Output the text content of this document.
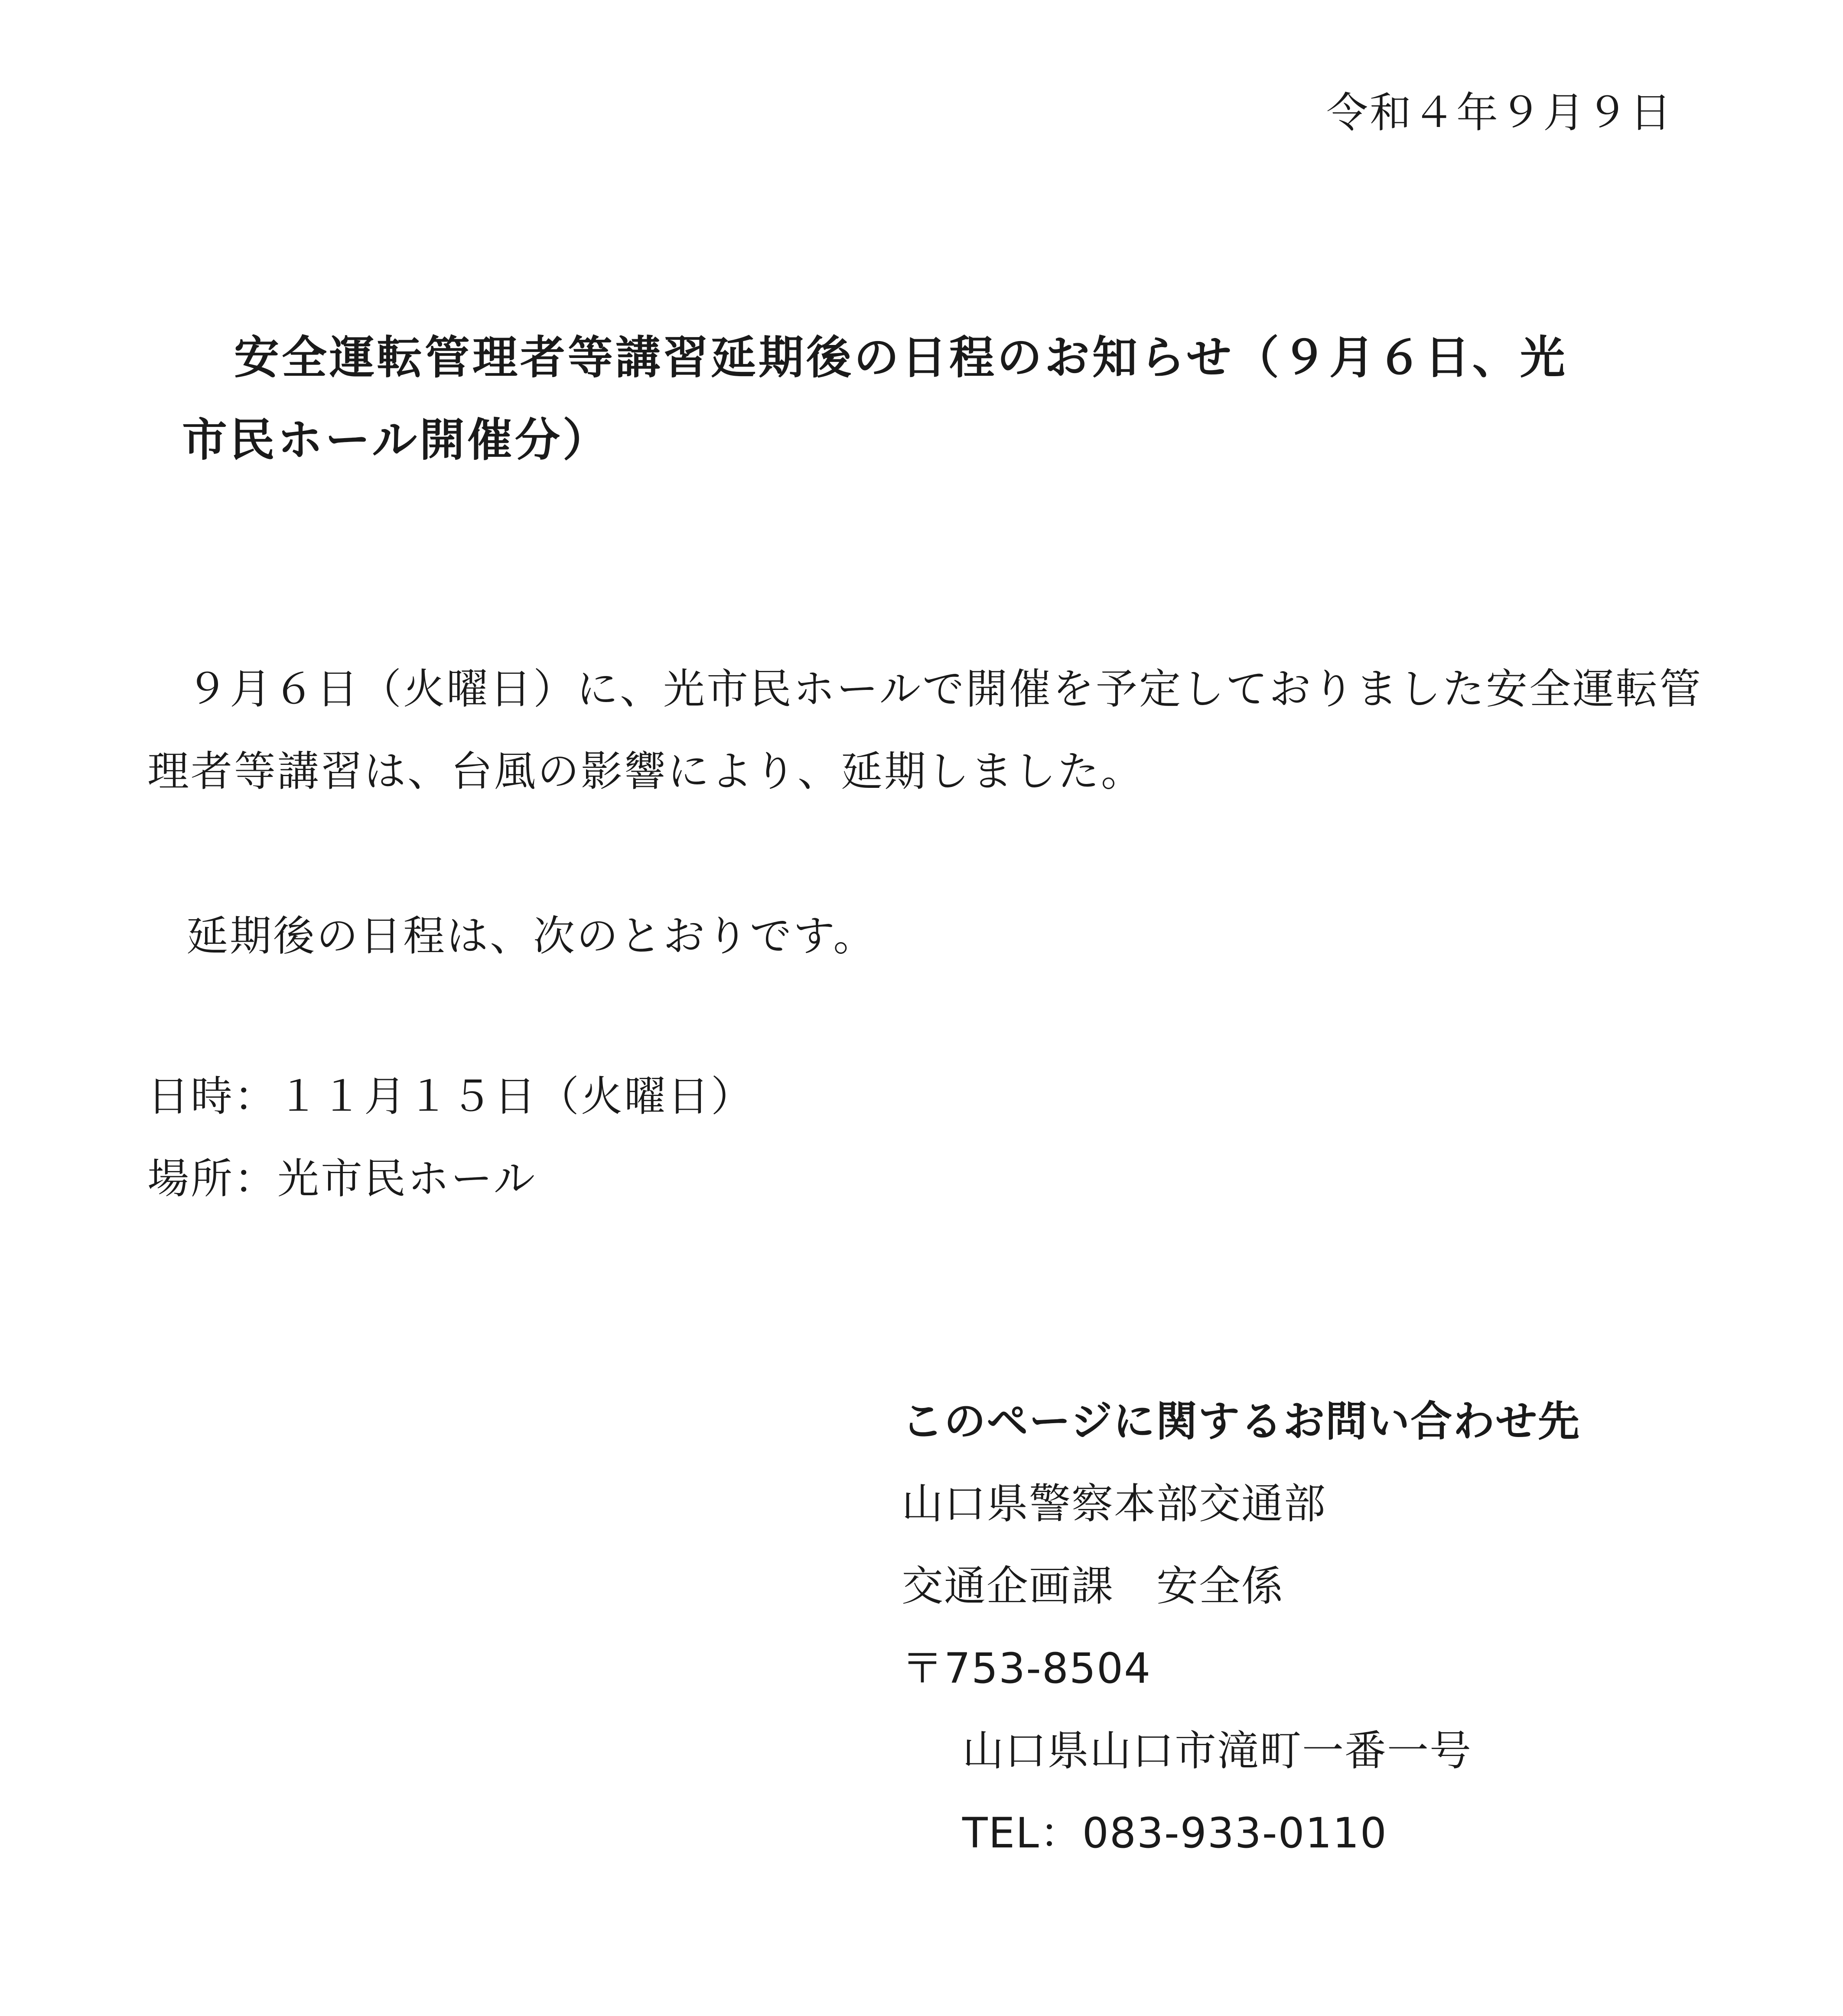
令和４年９月９日
安全運転管理者等講習延期後の日程のお知らせ（９月６日、光
市民ホール開催分）
９月６日（火曜日）に、光市民ホールで開催を予定しておりました安全運転管
理者等講習は、台風の影響により、延期しました。
延期後の日程は、次のとおりです。
日時：１１月１５日（火曜日）
場所：光市民ホール
このページに関するお問い合わせ先
山口県警察本部交通部
交通企画課　安全係
〒753-8504
山口県山口市滝町一番一号
TEL：083-933-0110
